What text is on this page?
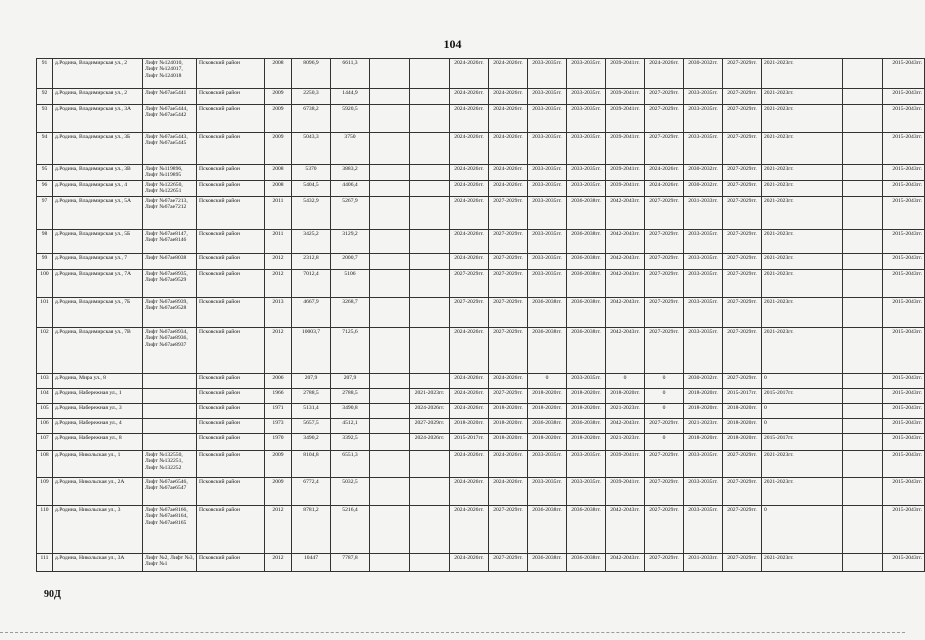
104
91	д.Родина, Владимирская ул., 2	Лифт №124010, Лифт №124017, Лифт №124018	Псковский район	2008	8096,9	6611,3			2024-2026гг.	2024-2026гг.	2033-2035гг.	2033-2035гг.	2039-2041гг.	2024-2026гг.	2030-2032гг.	2027-2029гг.	2021-2023гг.		2015-2043гг.
92	д.Родина, Владимирская ул., 2	Лифт №67ае5441	Псковский район	2009	2250,3	1444,9			2024-2026гг.	2024-2026гг.	2033-2035гг.	2033-2035гг.	2039-2041гг.	2027-2029гг.	2033-2035гг.	2027-2029гг.	2021-2023гг.		2015-2043гг.
93	д.Родина, Владимирская ул., 3А	Лифт №67ае5444, Лифт №67ае5442	Псковский район	2009	6738,2	5920,5			2024-2026гг.	2024-2026гг.	2033-2035гг.	2033-2035гг.	2039-2041гг.	2027-2029гг.	2033-2035гг.	2027-2029гг.	2021-2023гг.		2015-2043гг.
94	д.Родина, Владимирская ул., 3Б	Лифт №67ае5443, Лифт №67ае5445	Псковский район	2009	5043,3	3750			2024-2026гг.	2024-2026гг.	2033-2035гг.	2033-2035гг.	2039-2041гг.	2027-2029гг.	2033-2035гг.	2027-2029гг.	2021-2023гг.		2015-2043гг.
95	д.Родина, Владимирская ул., 3В	Лифт №119896, Лифт №119895	Псковский район	2008	5370	3883,2			2024-2026гг.	2024-2026гг.	2033-2035гг.	2033-2035гг.	2039-2041гг.	2024-2026гг.	2030-2032гг.	2027-2029гг.	2021-2023гг.		2015-2043гг.
96	д.Родина, Владимирская ул., 4	Лифт №122650, Лифт №122651	Псковский район	2008	5404,5	4406,4			2024-2026гг.	2024-2026гг.	2033-2035гг.	2033-2035гг.	2039-2041гг.	2024-2026гг.	2030-2032гг.	2027-2029гг.	2021-2023гг.		2015-2043гг.
97	д.Родина, Владимирская ул., 5А	Лифт №67ае7213, Лифт №67ае7212	Псковский район	2011	5432,9	5267,9			2024-2026гг.	2027-2029гг.	2033-2035гг.	2036-2038гг.	2042-2043гг.	2027-2029гг.	2031-2033гг.	2027-2029гг.	2021-2023гг.		2015-2043гг.
98	д.Родина, Владимирская ул., 5Б	Лифт №67ае8147, Лифт №67ае8146	Псковский район	2011	3425,2	3129,2			2024-2026гг.	2027-2029гг.	2033-2035гг.	2036-2038гг.	2042-2043гг.	2027-2029гг.	2033-2035гг.	2027-2029гг.	2021-2023гг.		2015-2043гг.
99	д.Родина, Владимирская ул., 7	Лифт №67ае8038	Псковский район	2012	2312,8	2000,7			2024-2026гг.	2027-2029гг.	2033-2035гг.	2036-2038гг.	2042-2043гг.	2027-2029гг.	2033-2035гг.	2027-2029гг.	2021-2023гг.		2015-2043гг.
100	д.Родина, Владимирская ул., 7А	Лифт №67ае8935, Лифт №67ае9529	Псковский район	2012	7012,4	5106			2027-2029гг.	2027-2029гг.	2033-2035гг.	2036-2038гг.	2042-2043гг.	2027-2029гг.	2033-2035гг.	2027-2029гг.	2021-2023гг.		2015-2043гг.
101	д.Родина, Владимирская ул., 7Б	Лифт №67ае8939, Лифт №67ае9528	Псковский район	2013	4667,9	3268,7			2027-2029гг.	2027-2029гг.	2036-2038гг.	2036-2038гг.	2042-2043гг.	2027-2029гг.	2033-2035гг.	2027-2029гг.	2021-2023гг.		2015-2043гг.
102	д.Родина, Владимирская ул., 7В	Лифт №67ае8934, Лифт №67ае8936, Лифт №67ае8937	Псковский район	2012	10003,7	7125,6			2024-2026гг.	2027-2029гг.	2036-2038гг.	2036-2038гг.	2042-2043гг.	2027-2029гг.	2033-2035гг.	2027-2029гг.	2021-2023гг.		2015-2043гг.
103	д.Родина, Мира ул., 8		Псковский район	2006	207,9	207,9			2024-2026гг.	2024-2026гг.	0	2033-2035гг.	0	0	2030-2032гг.	2027-2029гг.	0		2015-2043гг.
104	д.Родина, Набережная ул., 1		Псковский район	1966	2788,5	2788,5		2021-2023гг.	2024-2026гг.	2027-2029гг.	2018-2020гг.	2018-2020гг.	2018-2020гг.	0	2018-2020гг.	2015-2017гг.	2015-2017гг.		2015-2043гг.
105	д.Родина, Набережная ул., 3		Псковский район	1971	5131,4	3490,8		2024-2026гг.	2024-2026гг.	2018-2020гг.	2018-2020гг.	2018-2020гг.	2021-2023гг.	0	2018-2020гг.	2018-2020гг.	0		2015-2043гг.
106	д.Родина, Набережная ул., 4		Псковский район	1973	5657,5	4512,1		2027-2029гг.	2018-2020гг.	2018-2020гг.	2036-2038гг.	2036-2038гг.	2042-2043гг.	2027-2029гг.	2021-2023гг.	2018-2020гг.	0		2015-2043гг.
107	д.Родина, Набережная ул., 8		Псковский район	1970	3490,2	3392,5		2024-2026гг.	2015-2017гг.	2018-2020гг.	2018-2020гг.	2018-2020гг.	2021-2023гг.	0	2018-2020гг.	2018-2020гг.	2015-2017гг.		2015-2043гг.
108	д.Родина, Никольская ул., 1	Лифт №132550, Лифт №132251, Лифт №132252	Псковский район	2009	8104,8	6551,3			2024-2026гг.	2024-2026гг.	2033-2035гг.	2033-2035гг.	2039-2041гг.	2027-2029гг.	2033-2035гг.	2027-2029гг.	2021-2023гг.		2015-2043гг.
109	д.Родина, Никольская ул., 2А	Лифт №67ае6546, Лифт №67ае6547	Псковский район	2009	6772,4	5032,5			2024-2026гг.	2024-2026гг.	2033-2035гг.	2033-2035гг.	2039-2041гг.	2027-2029гг.	2033-2035гг.	2027-2029гг.	2021-2023гг.		2015-2043гг.
110	д.Родина, Никольская ул., 3	Лифт №67ае8166, Лифт №67ае8164, Лифт №67ае8165	Псковский район	2012	8781,2	5216,4			2024-2026гг.	2027-2029гг.	2036-2038гг.	2036-2038гг.	2042-2043гг.	2027-2029гг.	2033-2035гг.	2027-2029гг.	0		2015-2043гг.
111	д.Родина, Никольская ул., 3А	Лифт №2, Лифт №3, Лифт №1	Псковский район	2012	10447	7787,8			2024-2026гг.	2027-2029гг.	2036-2038гг.	2036-2038гг.	2042-2043гг.	2027-2029гг.	2031-2033гг.	2027-2029гг.	2021-2023гг.		2015-2043гг.
90Д
